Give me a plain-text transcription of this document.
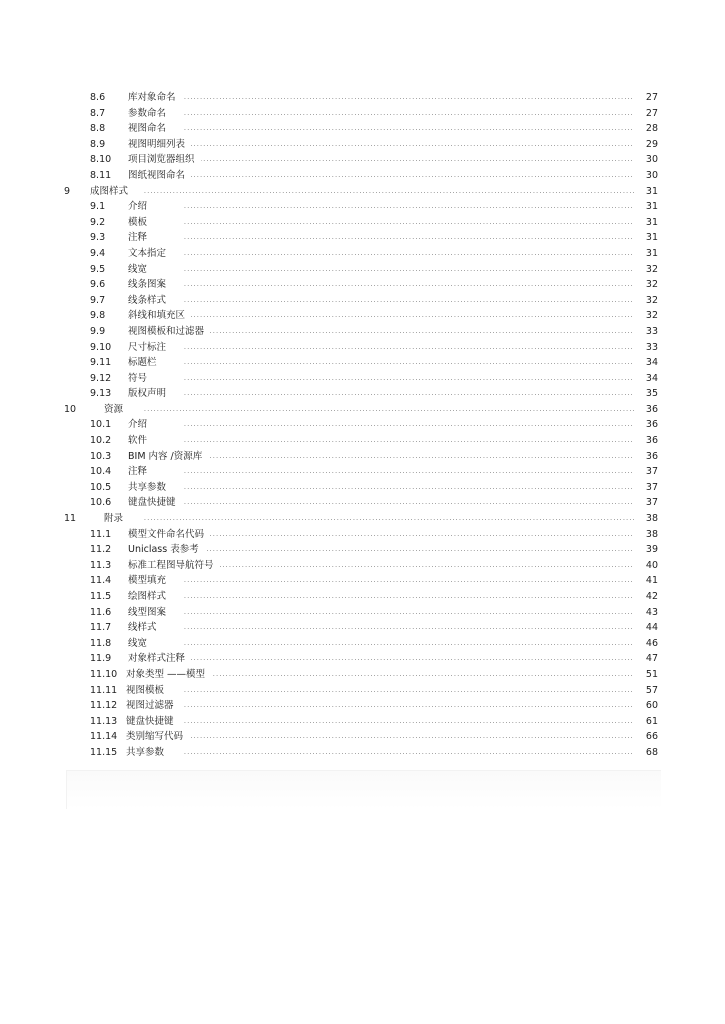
. . .
8.6 库对象命名	27
. . .
8.7 参数命名	27
. . .
8.8 视图命名	28
. . .
8.9 视图明细列表	29
. . .
8.10 项目浏览器组织	30
. . .
8.11 图纸视图命名	30
. . .
9 成图样式	31
. . .
9.1 介绍	31
. . .
9.2 模板	31
. . .
9.3 注释	31
. . .
9.4 文本指定	31
. . .
9.5 线宽	32
. . .
9.6 线条图案	32
. . .
9.7 线条样式	32
. . .
9.8 斜线和填充区	32
. . .
9.9 视图模板和过滤器	33
. . .
9.10 尺寸标注	33
. . .
9.11 标题栏	34
. . .
9.12 符号	34
. . .
9.13 版权声明	35
. . .
10	资源	36
. . .
10.1 介绍	36
. . .
10.2 软件	36
. . .
10.3 BIM 内容 /资源库	36
. . .
10.4 注释	37
. . .
10.5 共享参数	37
. . .
10.6 键盘快捷键	37
. . .
11	附录	38
. . .
11.1 模型文件命名代码	38
. . .
11.2 Uniclass 表参考	39
. . .
11.3 标准工程图导航符号	40
. . .
11.4 模型填充	41
. . .
11.5 绘图样式	42
. . .
11.6 线型图案	43
. . .
11.7 线样式	44
. . .
11.8 线宽	46
. . .
11.9 对象样式注释	47
. . .
11.10 对象类型 ——模型	51
. . .
11.11 视图模板	57
. . .
11.12 视图过滤器	60
. . .
11.13 键盘快捷键	61
. . .
11.14 类别缩写代码	66
. . .
11.15 共享参数	68
